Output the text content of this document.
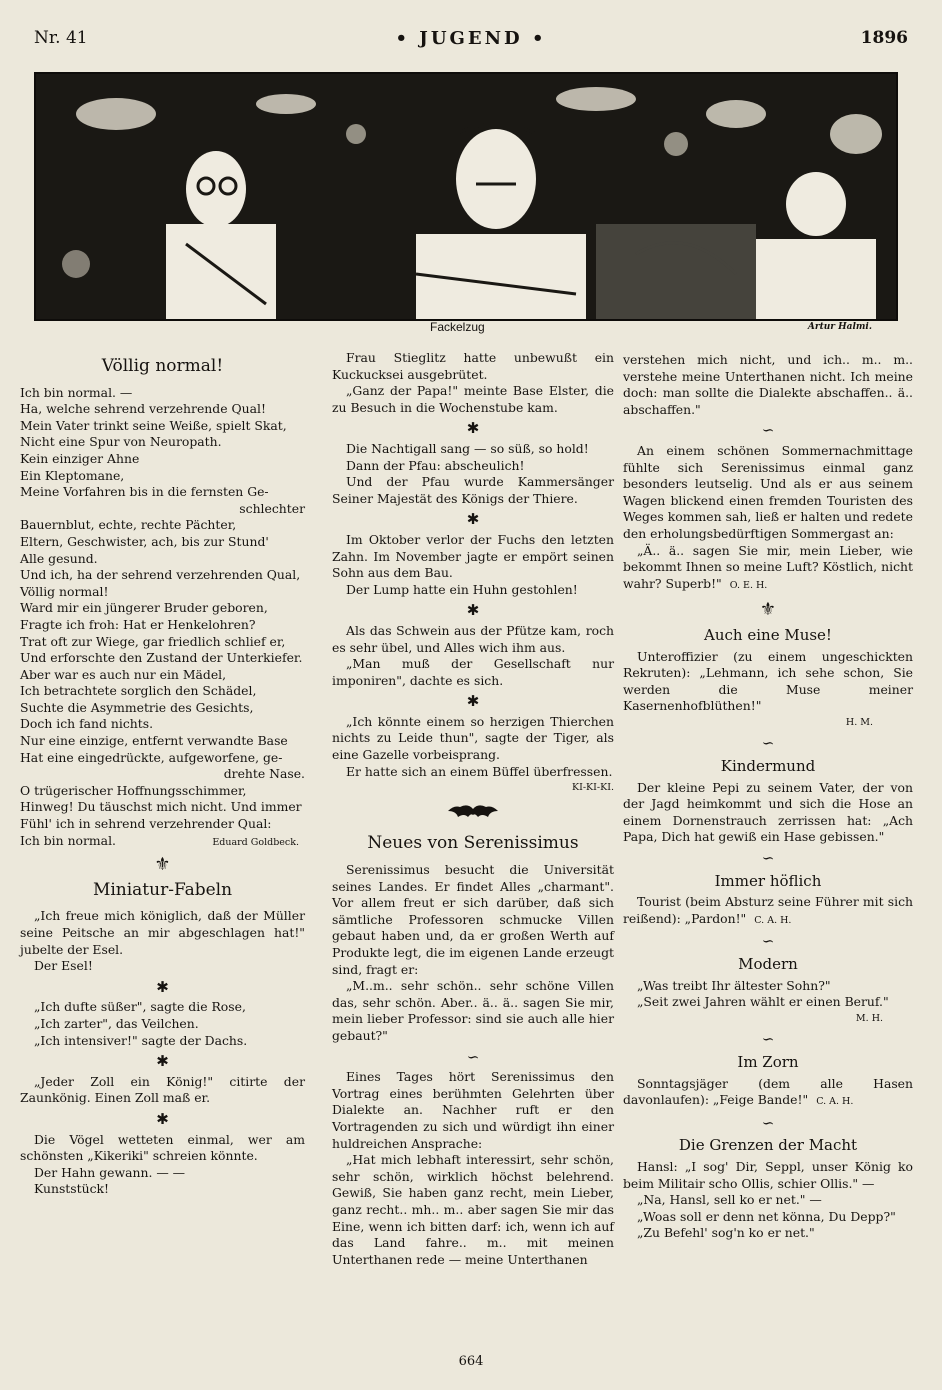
Nr. 41	• JUGEND •	1896
Fackelzug	Artur Halmi.
Völlig normal!

Ich bin normal. —

Ha, welche sehrend verzehrende Qual!

Mein Vater trinkt seine Weiße, spielt Skat,

Nicht eine Spur von Neuropath.

Kein einziger Ahne

Ein Kleptomane,

Meine Vorfahren bis in die fernsten Ge-

schlechter

Bauernblut, echte, rechte Pächter,

Eltern, Geschwister, ach, bis zur Stund'

Alle gesund.

Und ich, ha der sehrend verzehrenden Qual,

Völlig normal!

Ward mir ein jüngerer Bruder geboren,

Fragte ich froh: Hat er Henkelohren?

Trat oft zur Wiege, gar friedlich schlief er,

Und erforschte den Zustand der Unterkiefer.

Aber war es auch nur ein Mädel,

Ich betrachtete sorglich den Schädel,

Suchte die Asymmetrie des Gesichts,

Doch ich fand nichts.

Nur eine einzige, entfernt verwandte Base

Hat eine eingedrückte, aufgeworfene, ge-

drehte Nase.

O trügerischer Hoffnungsschimmer,

Hinweg! Du täuschst mich nicht. Und immer

Fühl' ich in sehrend verzehrender Qual:

Ich bin normal.	Eduard Goldbeck.

⚜
Miniatur-Fabeln

„Ich freue mich königlich, daß der Müller seine Peitsche an mir abgeschlagen hat!" jubelte der Esel.

Der Esel!

✱

„Ich dufte süßer", sagte die Rose,

„Ich zarter", das Veilchen.

„Ich intensiver!" sagte der Dachs.

✱

„Jeder Zoll ein König!" citirte der Zaunkönig. Einen Zoll maß er.

✱

Die Vögel wetteten einmal, wer am schönsten „Kikeriki" schreien könnte.

Der Hahn gewann. — —

Kunststück!

Frau Stieglitz hatte unbewußt ein Kuckucksei ausgebrütet.

„Ganz der Papa!" meinte Base Elster, die zu Besuch in die Wochenstube kam.

✱

Die Nachtigall sang — so süß, so hold!

Dann der Pfau: abscheulich!

Und der Pfau wurde Kammersänger Seiner Majestät des Königs der Thiere.

✱

Im Oktober verlor der Fuchs den letzten Zahn. Im November jagte er empört seinen Sohn aus dem Bau.

Der Lump hatte ein Huhn gestohlen!

✱

Als das Schwein aus der Pfütze kam, roch es sehr übel, und Alles wich ihm aus.

„Man muß der Gesellschaft nur imponiren", dachte es sich.

✱

„Ich könnte einem so herzigen Thierchen nichts zu Leide thun", sagte der Tiger, als eine Gazelle vorbeisprang.

Er hatte sich an einem Büffel überfressen.

KI-KI-KI.

Neues von Serenissimus

Serenissimus besucht die Universität seines Landes. Er findet Alles „charmant". Vor allem freut er sich darüber, daß sich sämtliche Professoren schmucke Villen gebaut haben und, da er großen Werth auf Produkte legt, die im eigenen Lande erzeugt sind, fragt er:

„M..m.. sehr schön.. sehr schöne Villen das, sehr schön. Aber.. ä.. ä.. sagen Sie mir, mein lieber Professor: sind sie auch alle hier gebaut?"

∽

Eines Tages hört Serenissimus den Vortrag eines berühmten Gelehrten über Dialekte an. Nachher ruft er den Vortragenden zu sich und würdigt ihn einer huldreichen Ansprache:

„Hat mich lebhaft interessirt, sehr schön, sehr schön, wirklich höchst belehrend. Gewiß, Sie haben ganz recht, mein Lieber, ganz recht.. mh.. m.. aber sagen Sie mir das Eine, wenn ich bitten darf: ich, wenn ich auf das Land fahre.. m.. mit meinen Unterthanen rede — meine Unterthanen

verstehen mich nicht, und ich.. m.. m.. verstehe meine Unterthanen nicht. Ich meine doch: man sollte die Dialekte abschaffen.. ä.. abschaffen."

∽

An einem schönen Sommernachmittage fühlte sich Serenissimus einmal ganz besonders leutselig. Und als er aus seinem Wagen blickend einen fremden Touristen des Weges kommen sah, ließ er halten und redete den erholungsbedürftigen Sommergast an:

„Ä.. ä.. sagen Sie mir, mein Lieber, wie bekommt Ihnen so meine Luft? Köstlich, nicht wahr? Superb!" O. E. H.

⚜
Auch eine Muse!

Unteroffizier (zu einem ungeschickten Rekruten): „Lehmann, ich sehe schon, Sie werden die Muse meiner Kasernenhofblüthen!"

H. M.

∽
Kindermund

Der kleine Pepi zu seinem Vater, der von der Jagd heimkommt und sich die Hose an einem Dornenstrauch zerrissen hat: „Ach Papa, Dich hat gewiß ein Hase gebissen."

∽
Immer höflich

Tourist (beim Absturz seine Führer mit sich reißend): „Pardon!" C. A. H.

∽
Modern

„Was treibt Ihr ältester Sohn?"

„Seit zwei Jahren wählt er einen Beruf."

M. H.

∽
Im Zorn

Sonntagsjäger (dem alle Hasen davonlaufen): „Feige Bande!" C. A. H.

∽
Die Grenzen der Macht

Hansl: „I sog' Dir, Seppl, unser König ko beim Militair scho Ollis, schier Ollis." —

„Na, Hansl, sell ko er net." —

„Woas soll er denn net könna, Du Depp?"

„Zu Befehl' sog'n ko er net."

664
